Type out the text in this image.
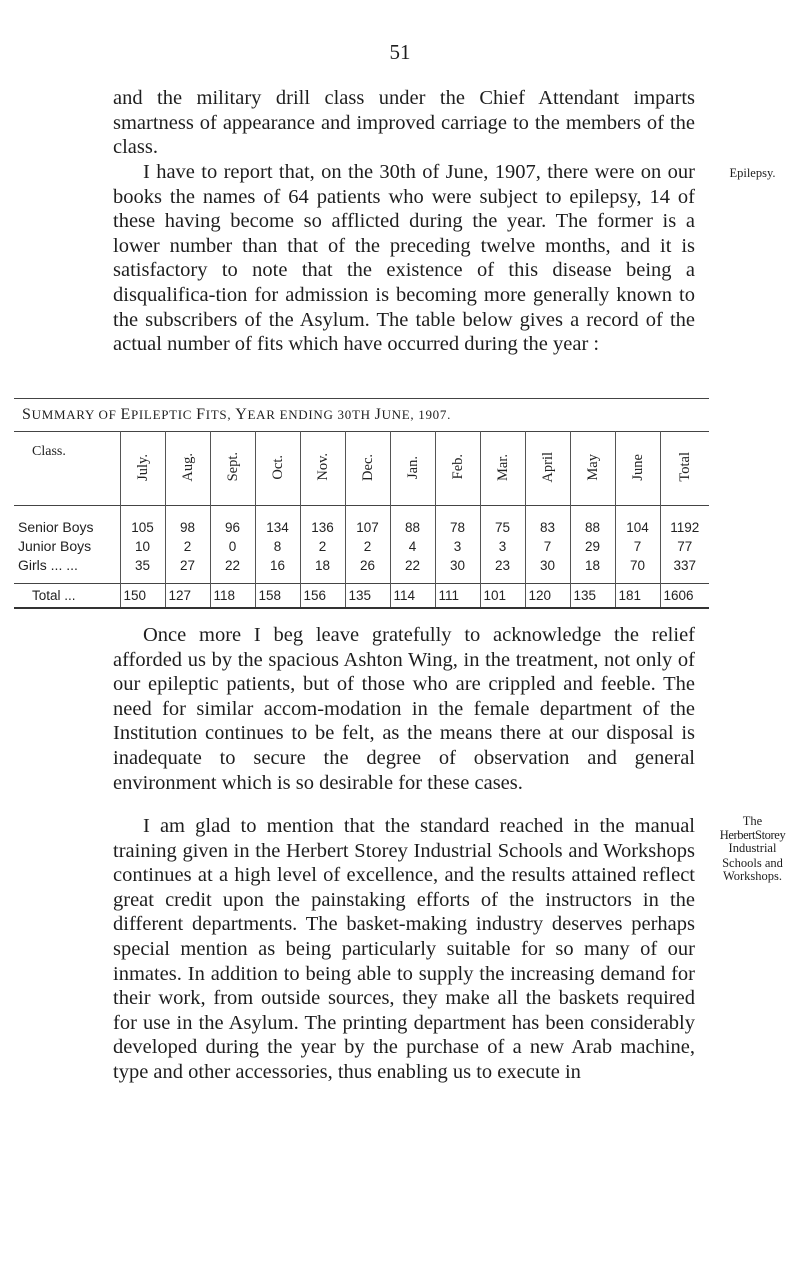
51

and the military drill class under the Chief Attendant imparts smartness of appearance and improved carriage to the members of the class.

I have to report that, on the 30th of June, 1907, there were on our books the names of 64 patients who were subject to epilepsy, 14 of these having become so afflicted during the year. The former is a lower number than that of the preceding twelve months, and it is satisfactory to note that the existence of this disease being a disqualifica-tion for admission is becoming more generally known to the subscribers of the Asylum. The table below gives a record of the actual number of fits which have occurred during the year :

Epilepsy.
SUMMARY OF EPILEPTIC FITS, YEAR ENDING 30TH JUNE, 1907.
Class.	July.	Aug.	Sept.	Oct.	Nov.	Dec.	Jan.	Feb.	Mar.	April	May	June	Total

Senior Boys	105	98	96	134	136	107	88	78	75	83	88	104	1192
Junior Boys	10	2	0	8	2	2	4	3	3	7	29	7	77
Girls ... ...	35	27	22	16	18	26	22	30	23	30	18	70	337
Total ...	150	127	118	158	156	135	114	111	101	120	135	181	1606

Once more I beg leave gratefully to acknowledge the relief afforded us by the spacious Ashton Wing, in the treatment, not only of our epileptic patients, but of those who are crippled and feeble. The need for similar accom-modation in the female department of the Institution continues to be felt, as the means there at our disposal is inadequate to secure the degree of observation and general environment which is so desirable for these cases.

I am glad to mention that the standard reached in the manual training given in the Herbert Storey Industrial Schools and Workshops continues at a high level of excellence, and the results attained reflect great credit upon the painstaking efforts of the instructors in the different departments. The basket-making industry deserves perhaps special mention as being particularly suitable for so many of our inmates. In addition to being able to supply the increasing demand for their work, from outside sources, they make all the baskets required for use in the Asylum. The printing department has been considerably developed during the year by the purchase of a new Arab machine, type and other accessories, thus enabling us to execute in

The
HerbertStorey
Industrial
Schools and
Workshops.
